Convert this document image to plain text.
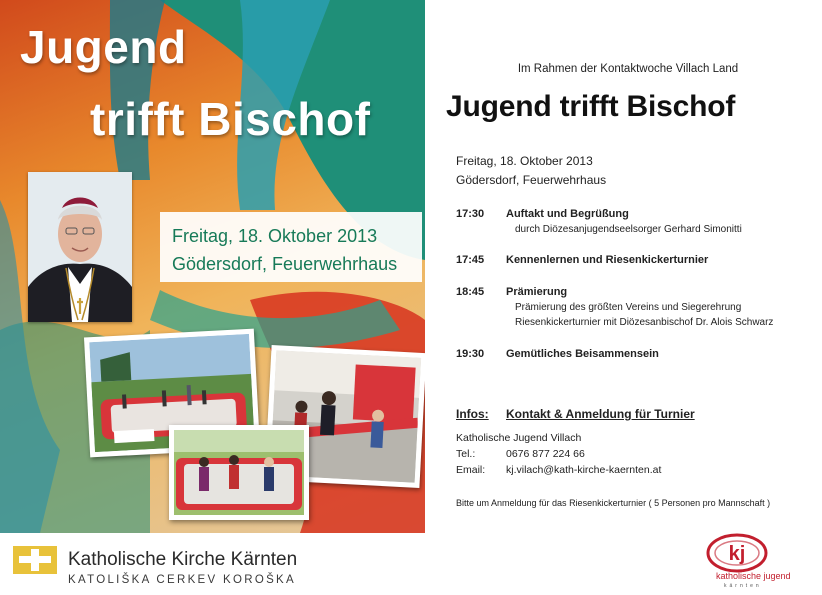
Jugend
trifft Bischof
Freitag, 18. Oktober 2013
Gödersdorf, Feuerwehrhaus
Katholische Kirche Kärnten
KATOLIŠKA CERKEV KOROŠKA
kj
katholische jugend
kärnten
Im Rahmen der Kontaktwoche Villach Land
Jugend trifft Bischof
Freitag, 18. Oktober 2013
Gödersdorf, Feuerwehrhaus
17:30 Auftakt und Begrüßung
durch Diözesanjugendseelsorger Gerhard Simonitti
17:45 Kennenlernen und Riesenkickerturnier
18:45 Prämierung
Prämierung des größten Vereins und Siegerehrung
Riesenkickerturnier mit Diözesanbischof Dr. Alois Schwarz
19:30 Gemütliches Beisammensein
Infos: Kontakt & Anmeldung für Turnier
Katholische Jugend Villach
Tel.:	0676 877 224 66
Email: kj.vilach@kath-kirche-kaernten.at
Bitte um Anmeldung für das Riesenkickerturnier ( 5 Personen pro Mannschaft )
